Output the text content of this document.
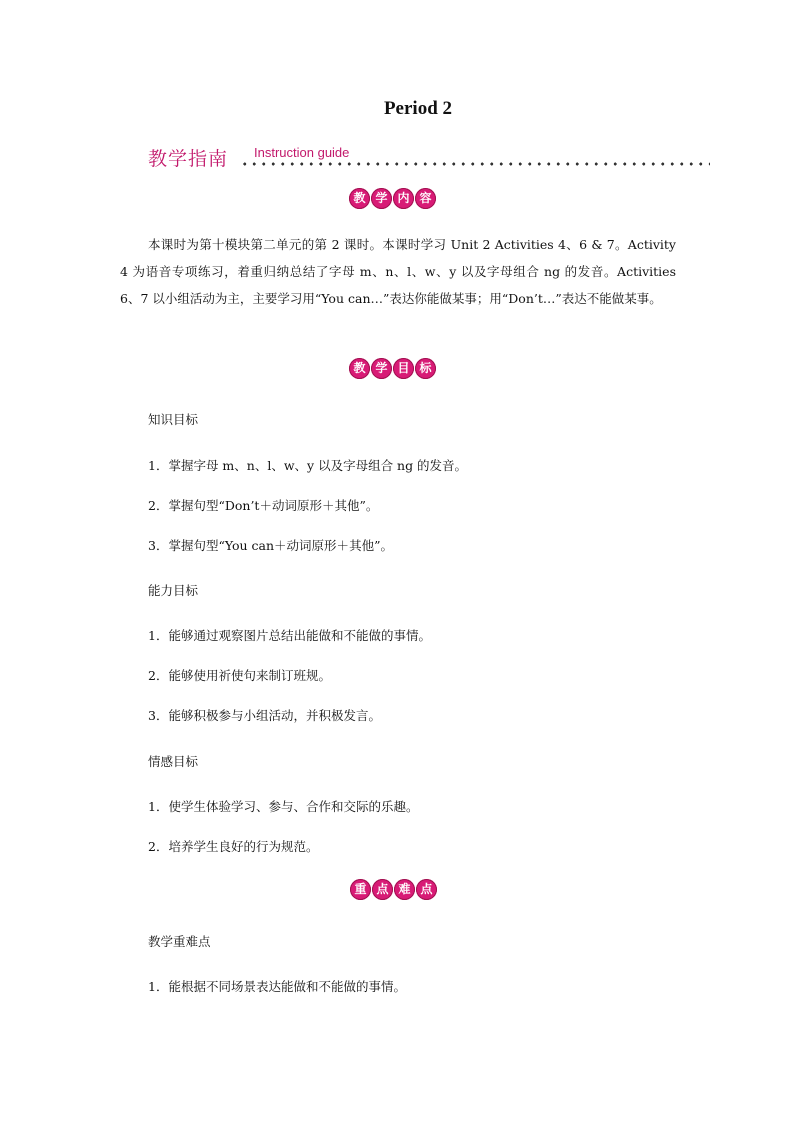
Period 2
教学指南 Instruction guide
教 学 内 容
本课时为第十模块第二单元的第 2 课时。本课时学习 Unit 2 Activities 4、6 & 7。Activity 4 为语音专项练习，着重归纳总结了字母 m、n、l、w、y 以及字母组合 ng 的发音。Activities 6、7 以小组活动为主，主要学习用“You can…”表达你能做某事；用“Don’t…”表达不能做某事。
教 学 目 标
知识目标
1．掌握字母 m、n、l、w、y 以及字母组合 ng 的发音。
2．掌握句型“Don’t＋动词原形＋其他”。
3．掌握句型“You can＋动词原形＋其他”。
能力目标
1．能够通过观察图片总结出能做和不能做的事情。
2．能够使用祈使句来制订班规。
3．能够积极参与小组活动，并积极发言。
情感目标
1．使学生体验学习、参与、合作和交际的乐趣。
2．培养学生良好的行为规范。
重 点 难 点
教学重难点
1．能根据不同场景表达能做和不能做的事情。
